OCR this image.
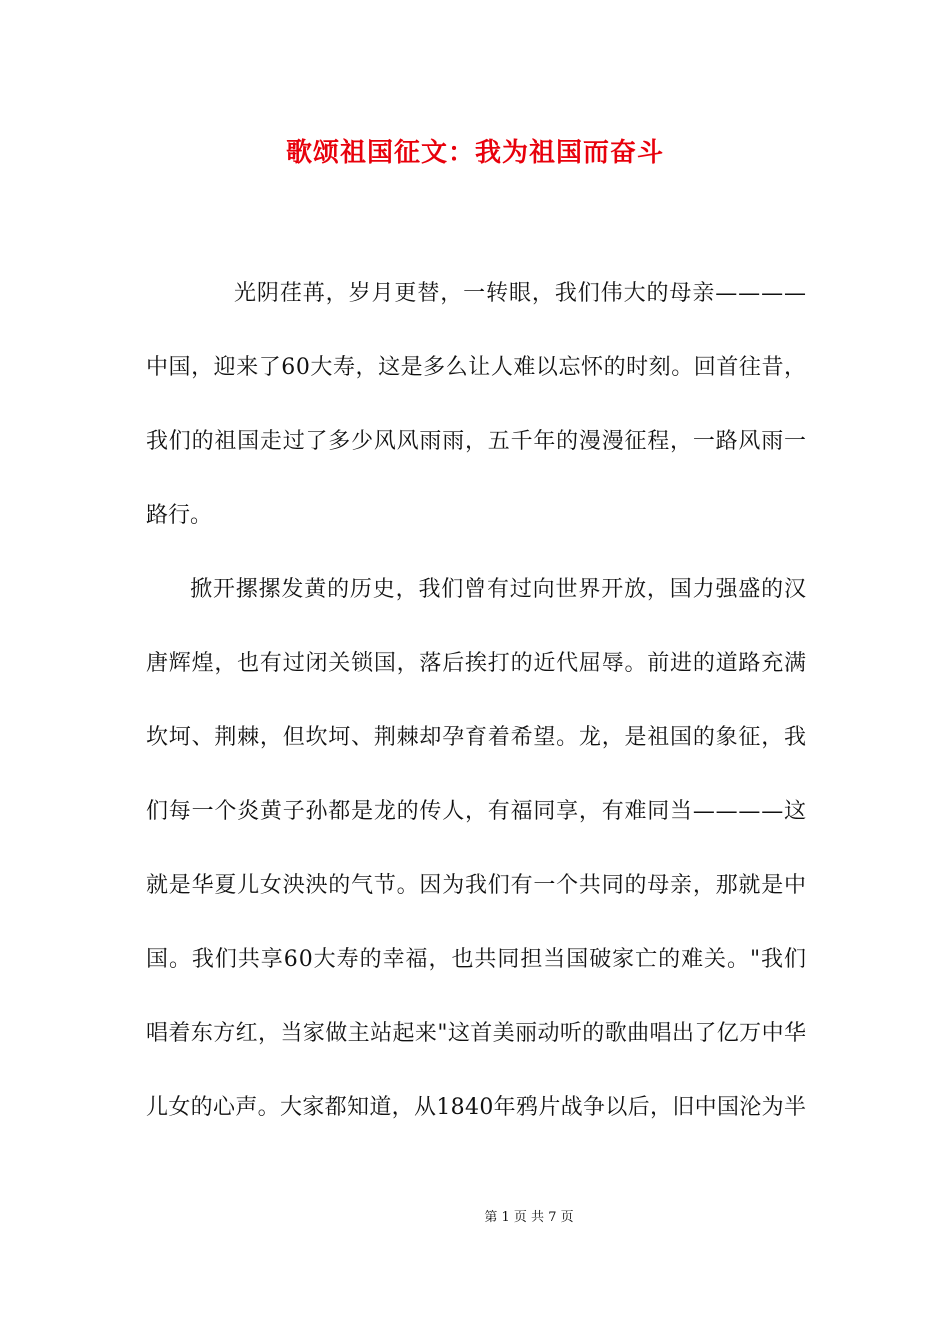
歌颂祖国征文：我为祖国而奋斗
光阴荏苒，岁月更替，一转眼，我们伟大的母亲————
中国，迎来了60大寿，这是多么让人难以忘怀的时刻。回首往昔，
我们的祖国走过了多少风风雨雨，五千年的漫漫征程，一路风雨一
路行。
掀开摞摞发黄的历史，我们曾有过向世界开放，国力强盛的汉
唐辉煌，也有过闭关锁国，落后挨打的近代屈辱。前进的道路充满
坎坷、荆棘，但坎坷、荆棘却孕育着希望。龙，是祖国的象征，我
们每一个炎黄子孙都是龙的传人，有福同享，有难同当————这
就是华夏儿女泱泱的气节。因为我们有一个共同的母亲，那就是中
国。我们共享60大寿的幸福，也共同担当国破家亡的难关。"我们
唱着东方红，当家做主站起来"这首美丽动听的歌曲唱出了亿万中华
儿女的心声。大家都知道，从1840年鸦片战争以后，旧中国沦为半
第 1 页 共 7 页
